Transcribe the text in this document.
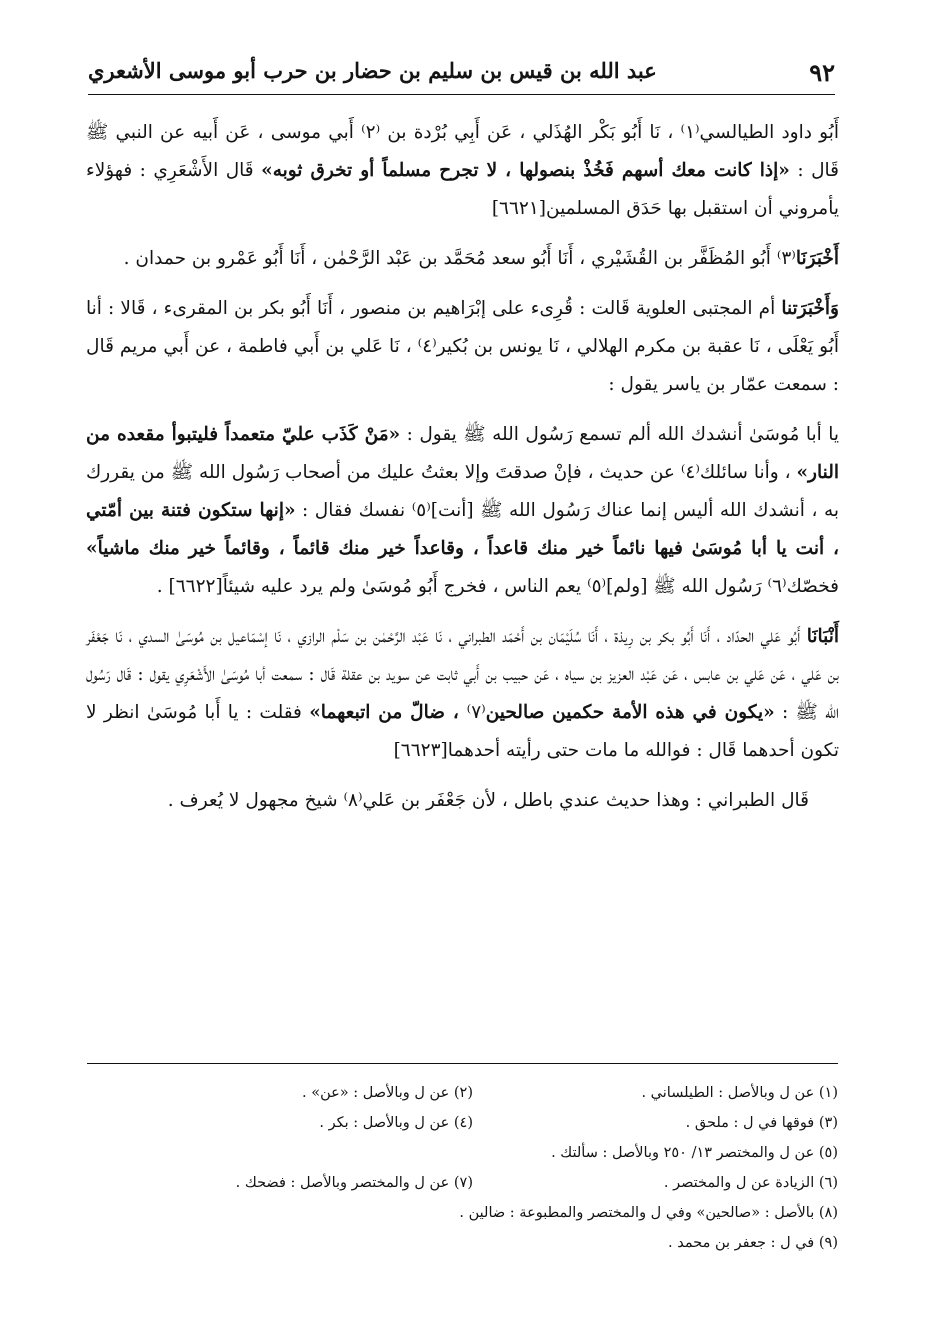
٩٢
عبد الله بن قيس بن سليم بن حضار بن حرب أبو موسى الأشعري

أَبُو داود الطيالسي⁽١⁾ ، نَا أَبُو بَكْر الهُذَلي ، عَن أَبِي بُرْدة بن ⁽٢⁾ أَبي موسى ، عَن أَبيه عن النبي ﷺ قَال : «إذا كانت معك أسهم فَخُذْ بنصولها ، لا تجرح مسلماً أو تخرق ثوبه» قَال الأَشْعَرِي : فهؤلاء يأمروني أن استقبل بها حَدَق المسلمين[٦٦٢١]

أَخْبَرَنَا⁽٣⁾ أَبُو المُظَفَّر بن القُشَيْري ، أَنَا أَبُو سعد مُحَمَّد بن عَبْد الرَّحْمٰن ، أَنَا أَبُو عَمْرو بن حمدان .

وَأَخْبَرَتنا أم المجتبى العلوية قَالت : قُرِىء على إبْرَاهيم بن منصور ، أَنَا أَبُو بكر بن المقرىء ، قَالا : أنا أَبُو يَعْلَى ، نَا عقبة بن مكرم الهلالي ، نَا يونس بن بُكير⁽٤⁾ ، نَا عَلي بن أَبي فاطمة ، عن أَبي مريم قَال : سمعت عمّار بن ياسر يقول :

يا أبا مُوسَىٰ أنشدك الله ألم تسمع رَسُول الله ﷺ يقول : «مَنْ كَذَب عليّ متعمداً فليتبوأ مقعده من النار» ، وأنا سائلك⁽٤⁾ عن حديث ، فإنْ صدقتَ وإلا بعثتُ عليك من أصحاب رَسُول الله ﷺ من يقررك به ، أنشدك الله أليس إنما عناك رَسُول الله ﷺ [أنت]⁽٥⁾ نفسك فقال : «إنها ستكون فتنة بين أمّتي ، أنت يا أبا مُوسَىٰ فيها نائماً خير منك قاعداً ، وقاعداً خير منك قائماً ، وقائماً خير منك ماشياً» فخصّك⁽٦⁾ رَسُول الله ﷺ [ولم]⁽٥⁾ يعم الناس ، فخرج أَبُو مُوسَىٰ ولم يرد عليه شيئاً[٦٦٢٢] .

أَنْبَانَا أَبُو عَلي الحدّاد ، أَنَا أَبُو بكر بن رِيذة ، أَنَا سُلَيْمَان بن أَحْمَد الطبراني ، نَا عَبْد الرَّحْمٰن بن سَلْم الرازي ، نَا إسْمَاعيل بن مُوسَىٰ السدي ، نَا جَعْفَر بن عَلي ، عَن عَلي بن عابس ، عَن عَبْد العزيز بن سياه ، عَن حبيب بن أَبي ثابت عن سويد بن عقلة قَال : سمعت أبا مُوسَىٰ الأَشْعَرِي يقول : قَال رَسُول الله ﷺ : «يكون في هذه الأمة حكمين صالحين⁽٧⁾ ، ضالّ من اتبعهما» فقلت : يا أَبا مُوسَىٰ انظر لا تكون أحدهما قَال : فوالله ما مات حتى رأيته أحدهما[٦٦٢٣]

قَال الطبراني : وهذا حديث عندي باطل ، لأن جَعْفَر بن عَلي⁽٨⁾ شيخ مجهول لا يُعرف .

(١) عن ل وبالأصل : الطيلساني .
(٢) عن ل وبالأصل : «عن» .
(٣) فوقها في ل : ملحق .
(٤) عن ل وبالأصل : بكر .
(٥) عن ل والمختصر ١٣/ ٢٥٠ وبالأصل : سألتك .
(٦) الزيادة عن ل والمختصر .
(٧) عن ل والمختصر وبالأصل : فضحك .
(٨) بالأصل : «صالحين» وفي ل والمختصر والمطبوعة : ضالين .
(٩) في ل : جعفر بن محمد .
